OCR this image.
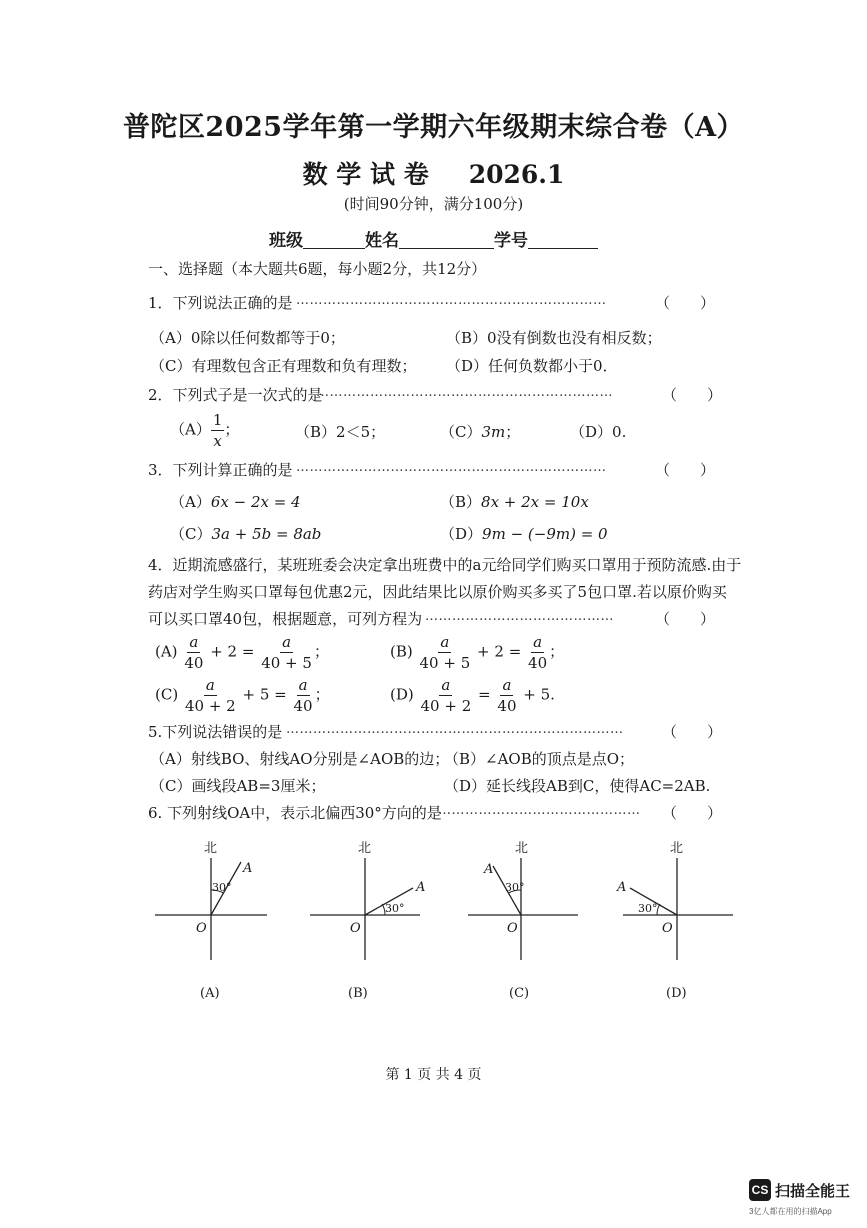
普陀区2025学年第一学期六年级期末综合卷（A）
数 学 试 卷 2026.1
(时间90分钟，满分100分)
班级	姓名	学号
一、选择题（本大题共6题，每小题2分，共12分）
1．下列说法正确的是 ……………………………………………………………	（　　）
（A）0除以任何数都等于0；	（B）0没有倒数也没有相反数；
（C）有理数包含正有理数和负有理数； （D）任何负数都小于0．
2．下列式子是一次式的是
…………………………………………………………	（　　）
$(A) \frac{1}{x}$ ；	（B）2＜5；	（C）3m；	（D）0.
3．下列计算正确的是 ……………………………………………………………	（　　）
（A）6x − 2x = 4	（B）8x + 2x = 10x
（C）3a + 5b = 8ab	（D）9m − (−9m) = 0
4．近期流感盛行，某班班委会决定拿出班费中的a元给同学们购买口罩用于预防流感.由于
药店对学生购买口罩每包优惠2元，因此结果比以原价购买多买了5包口罩.若以原价购买
可以买口罩40包，根据题意，可列方程为 ……………………………………	（　　）
$(A) \frac{a}{40} + 2 = \frac{a}{40 + 5}$ ；	$(B) \frac{a}{40 + 5} + 2 = \frac{a}{40}$ ；
$(C) \frac{a}{40 + 2} + 5 = \frac{a}{40}$ ；	$(D) \frac{a}{40 + 2} = \frac{a}{40} + 5$.
5.下列说法错误的是 …………………………………………………………………	（　　）
（A）射线BO、射线AO分别是∠AOB的边；
（B）∠AOB的顶点是点O；
（C）画线段AB=3厘米；	（D）延长线段AB到C，使得AC=2AB.
6. 下列射线OA中，表示北偏西30°方向的是
……………………………………… （　　）
北
A
30°
O
(A)
北
A
30°
O
(B)
北
A
30°
O
(C)
北
A
30°
O
(D)
第 1 页 共 4 页
CS 扫描全能王
3亿人都在用的扫描App
